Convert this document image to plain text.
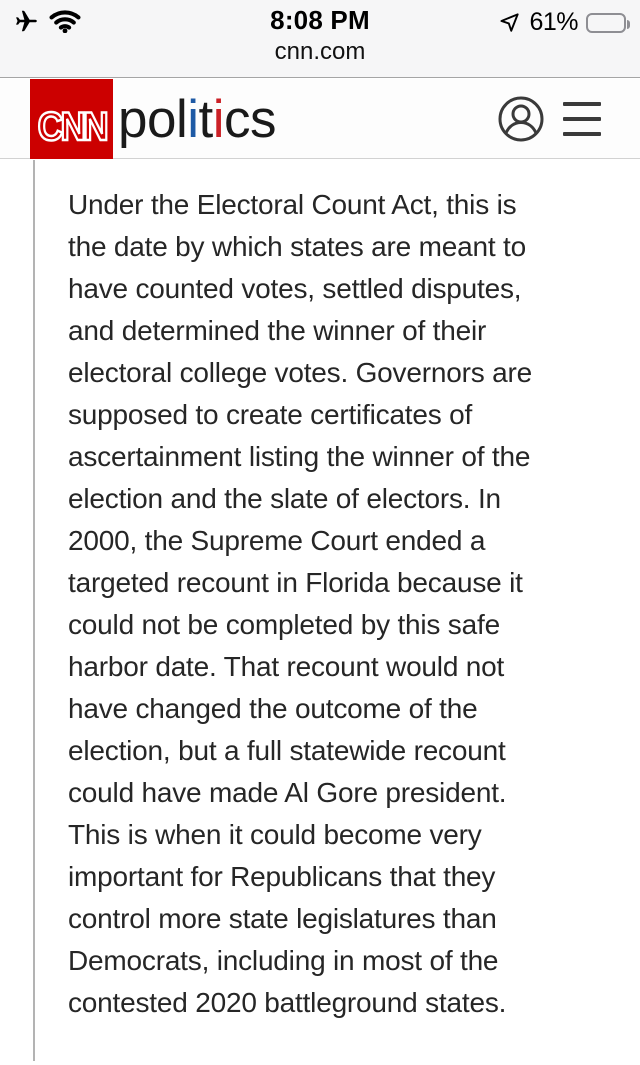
8:08 PM	61%
cnn.com
CNN pol i t i cs
Under the Electoral Count Act, this is
the date by which states are meant to
have counted votes, settled disputes,
and determined the winner of their
electoral college votes. Governors are
supposed to create certificates of
ascertainment listing the winner of the
election and the slate of electors. In
2000, the Supreme Court ended a
targeted recount in Florida because it
could not be completed by this safe
harbor date. That recount would not
have changed the outcome of the
election, but a full statewide recount
could have made Al Gore president.
This is when it could become very
important for Republicans that they
control more state legislatures than
Democrats, including in most of the
contested 2020 battleground states.
